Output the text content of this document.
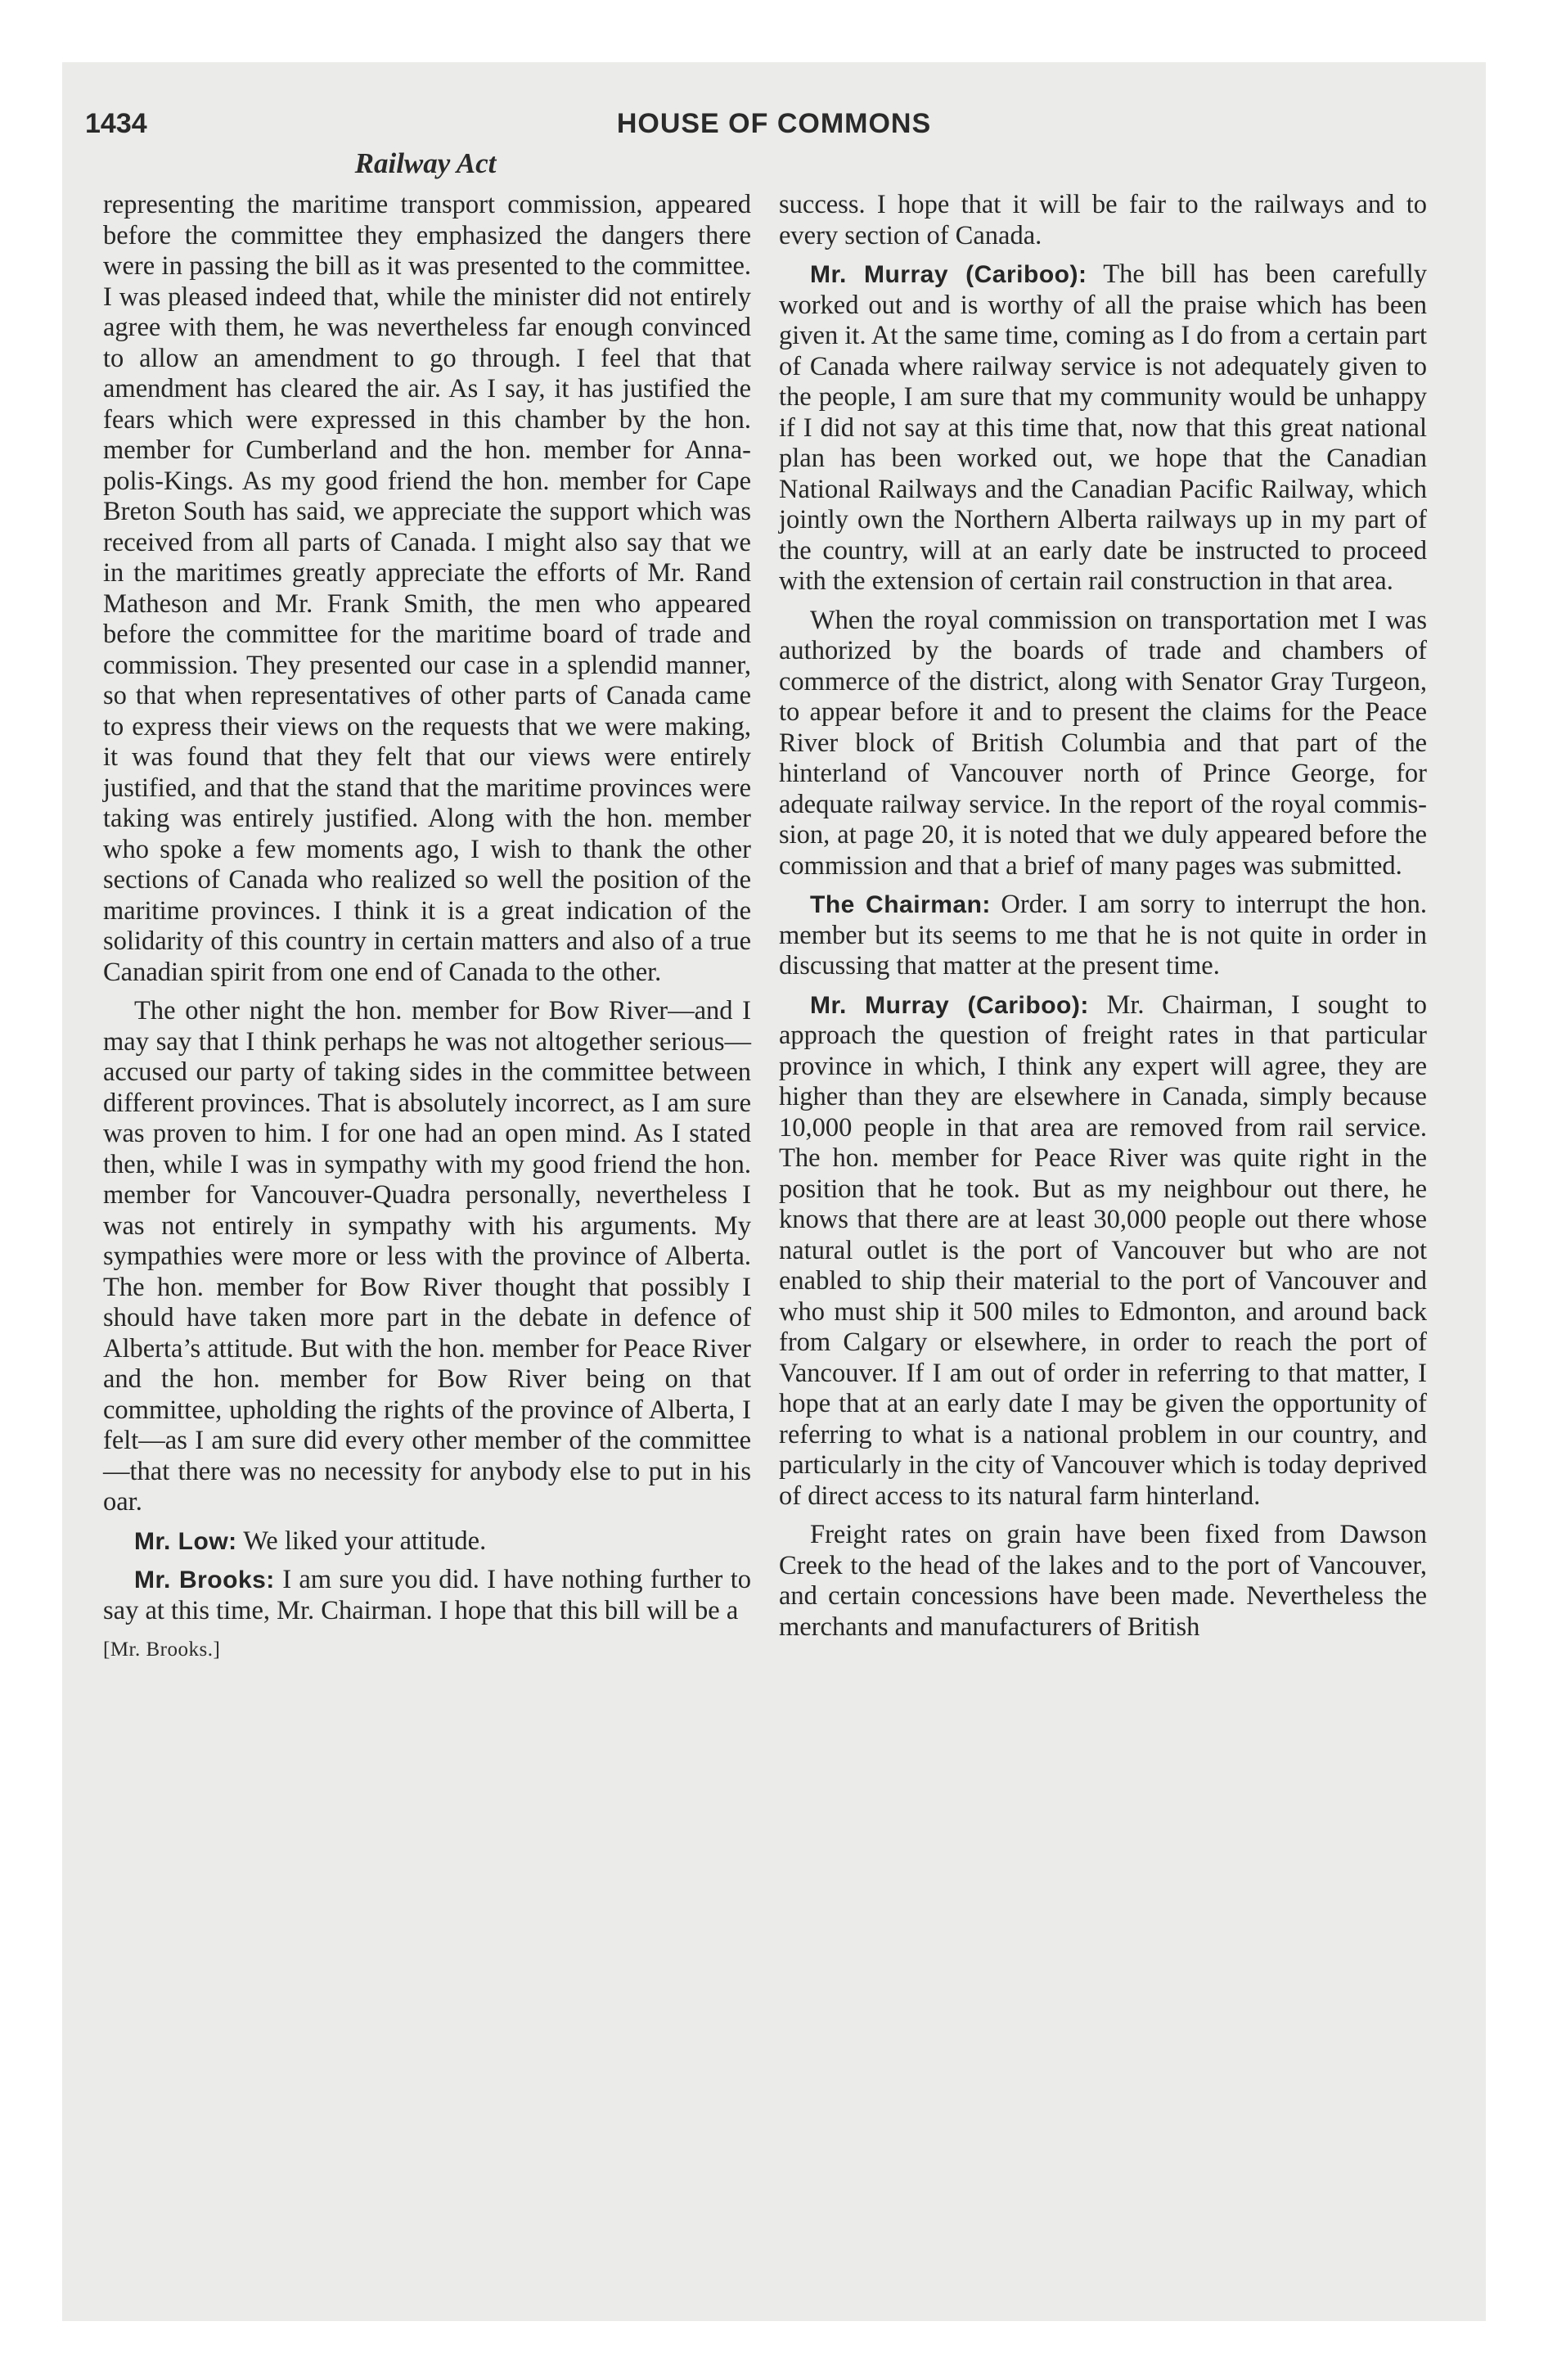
1434	HOUSE OF COMMONS
Railway Act

representing the maritime transport commission, appeared before the committee they emphasized the dangers there were in passing the bill as it was presented to the committee. I was pleased indeed that, while the minister did not entirely agree with them, he was nevertheless far enough convinced to allow an amendment to go through. I feel that that amendment has cleared the air. As I say, it has justified the fears which were expressed in this chamber by the hon. member for Cumberland and the hon. member for Annapolis-Kings. As my good friend the hon. member for Cape Breton South has said, we appreciate the support which was received from all parts of Canada. I might also say that we in the maritimes greatly appreciate the efforts of Mr. Rand Matheson and Mr. Frank Smith, the men who appeared before the committee for the maritime board of trade and commission. They presented our case in a splendid manner, so that when representatives of other parts of Canada came to express their views on the requests that we were making, it was found that they felt that our views were entirely justified, and that the stand that the maritime provinces were taking was entirely justified. Along with the hon. member who spoke a few moments ago, I wish to thank the other sections of Canada who realized so well the position of the maritime provinces. I think it is a great indication of the solidarity of this country in certain matters and also of a true Canadian spirit from one end of Canada to the other.

The other night the hon. member for Bow River—and I may say that I think perhaps he was not altogether serious—accused our party of taking sides in the committee between different provinces. That is absolutely incorrect, as I am sure was proven to him. I for one had an open mind. As I stated then, while I was in sympathy with my good friend the hon. member for Vancouver-Quadra personally, nevertheless I was not entirely in sympathy with his arguments. My sympathies were more or less with the province of Alberta. The hon. member for Bow River thought that possibly I should have taken more part in the debate in defence of Alberta’s attitude. But with the hon. member for Peace River and the hon. member for Bow River being on that committee, upholding the rights of the province of Alberta, I felt—as I am sure did every other member of the committee—that there was no necessity for anybody else to put in his oar.

Mr. Low: We liked your attitude.

Mr. Brooks: I am sure you did. I have nothing further to say at this time, Mr. Chairman. I hope that this bill will be a

[Mr. Brooks.]

success. I hope that it will be fair to the railways and to every section of Canada.

Mr. Murray (Cariboo): The bill has been carefully worked out and is worthy of all the praise which has been given it. At the same time, coming as I do from a certain part of Canada where railway service is not adequately given to the people, I am sure that my community would be unhappy if I did not say at this time that, now that this great national plan has been worked out, we hope that the Canadian National Railways and the Canadian Pacific Railway, which jointly own the Northern Alberta railways up in my part of the country, will at an early date be instructed to proceed with the extension of certain rail construction in that area.

When the royal commission on transportation met I was authorized by the boards of trade and chambers of commerce of the district, along with Senator Gray Turgeon, to appear before it and to present the claims for the Peace River block of British Columbia and that part of the hinterland of Vancouver north of Prince George, for adequate railway service. In the report of the royal commission, at page 20, it is noted that we duly appeared before the commission and that a brief of many pages was submitted.

The Chairman: Order. I am sorry to interrupt the hon. member but its seems to me that he is not quite in order in discussing that matter at the present time.

Mr. Murray (Cariboo): Mr. Chairman, I sought to approach the question of freight rates in that particular province in which, I think any expert will agree, they are higher than they are elsewhere in Canada, simply because 10,000 people in that area are removed from rail service. The hon. member for Peace River was quite right in the position that he took. But as my neighbour out there, he knows that there are at least 30,000 people out there whose natural outlet is the port of Vancouver but who are not enabled to ship their material to the port of Vancouver and who must ship it 500 miles to Edmonton, and around back from Calgary or elsewhere, in order to reach the port of Vancouver. If I am out of order in referring to that matter, I hope that at an early date I may be given the opportunity of referring to what is a national problem in our country, and particularly in the city of Vancouver which is today deprived of direct access to its natural farm hinterland.

Freight rates on grain have been fixed from Dawson Creek to the head of the lakes and to the port of Vancouver, and certain concessions have been made. Nevertheless the merchants and manufacturers of British
